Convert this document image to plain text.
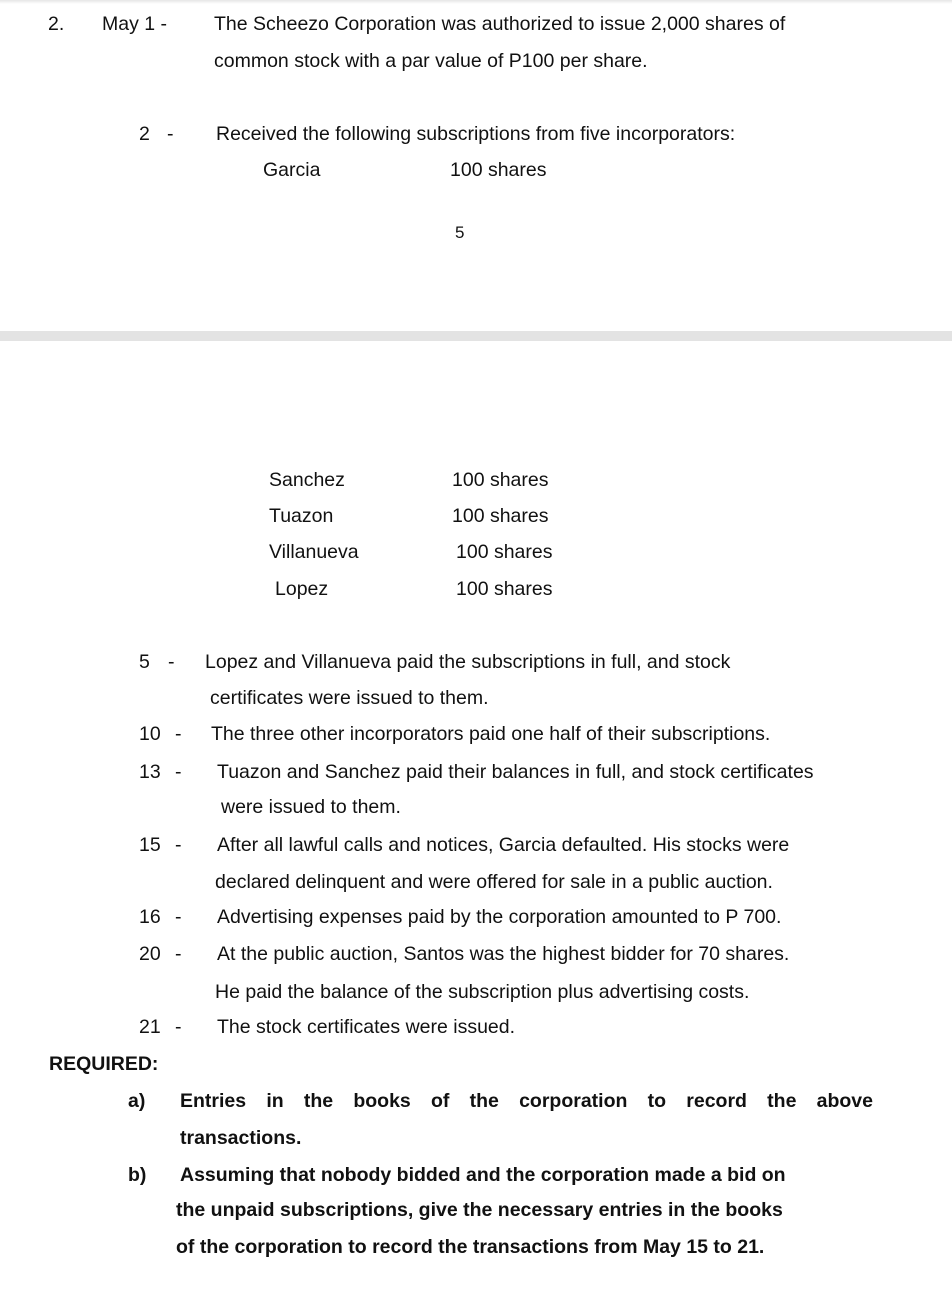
2. May 1 - The Scheezo Corporation was authorized to issue 2,000 shares of
common stock with a par value of P100 per share.
2 - Received the following subscriptions from five incorporators:
Garcia	100 shares
5
Sanchez	100 shares
Tuazon	100 shares
Villanueva	100 shares
Lopez	100 shares
5 - Lopez and Villanueva paid the subscriptions in full, and stock
certificates were issued to them.
10 - The three other incorporators paid one half of their subscriptions.
13 - Tuazon and Sanchez paid their balances in full, and stock certificates
were issued to them.
15 - After all lawful calls and notices, Garcia defaulted. His stocks were
declared delinquent and were offered for sale in a public auction.
16 - Advertising expenses paid by the corporation amounted to P 700.
20 - At the public auction, Santos was the highest bidder for 70 shares.
He paid the balance of the subscription plus advertising costs.
21 - The stock certificates were issued.
REQUIRED:
a) Entries in the books of the corporation to record the above
transactions.
b) Assuming that nobody bidded and the corporation made a bid on
the unpaid subscriptions, give the necessary entries in the books
of the corporation to record the transactions from May 15 to 21.
